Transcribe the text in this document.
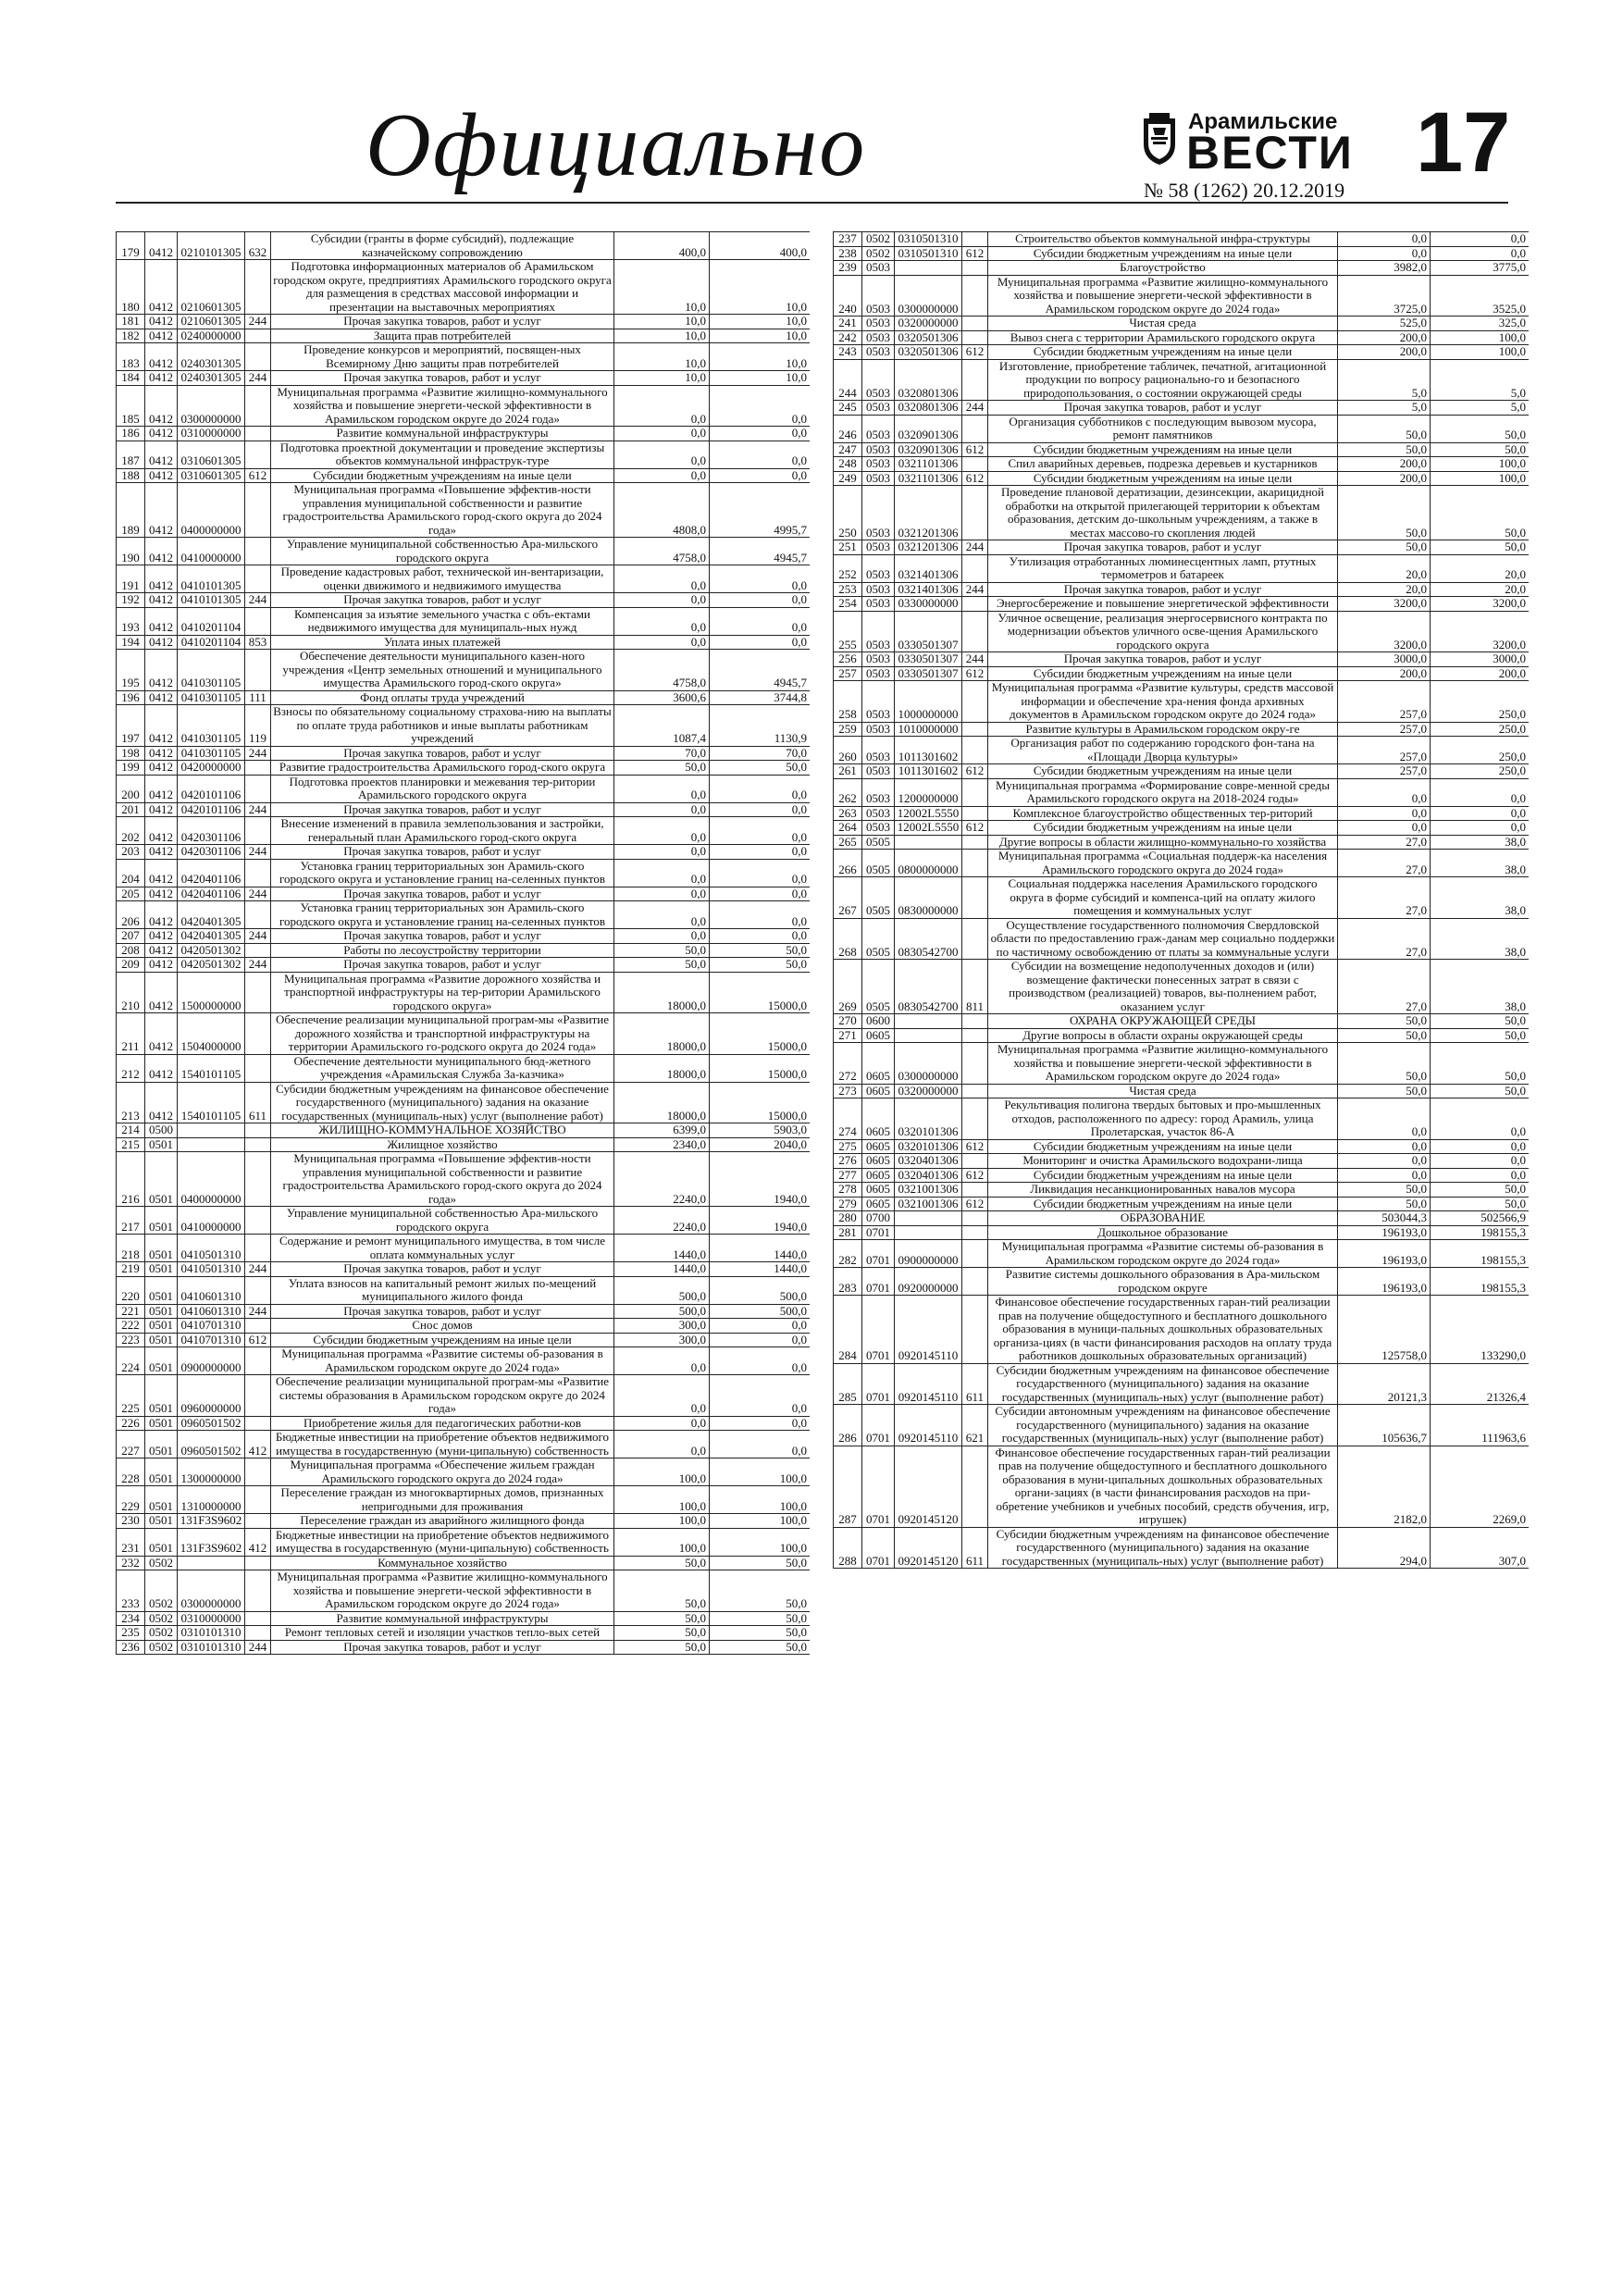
Официально	Арамильские
ВЕСТИ
№ 58 (1262) 20.12.2019
17
179	0412	0210101305	632	Субсидии (гранты в форме субсидий), подлежащие казначейскому сопровождению	400,0	400,0
180	0412	0210601305		Подготовка информационных материалов об Арамильском городском округе, предприятиях Арамильского городского округа для размещения в средствах массовой информации и презентации на выставочных мероприятиях	10,0	10,0
181	0412	0210601305	244	Прочая закупка товаров, работ и услуг	10,0	10,0
182	0412	0240000000		Защита прав потребителей	10,0	10,0
183	0412	0240301305		Проведение конкурсов и мероприятий, посвящен-ных Всемирному Дню защиты прав потребителей	10,0	10,0
184	0412	0240301305	244	Прочая закупка товаров, работ и услуг	10,0	10,0
185	0412	0300000000		Муниципальная программа «Развитие жилищно-коммунального хозяйства и повышение энергети-ческой эффективности в Арамильском городском округе до 2024 года»	0,0	0,0
186	0412	0310000000		Развитие коммунальной инфраструктуры	0,0	0,0
187	0412	0310601305		Подготовка проектной документации и проведение экспертизы объектов коммунальной инфраструк-туре	0,0	0,0
188	0412	0310601305	612	Субсидии бюджетным учреждениям на иные цели	0,0	0,0
189	0412	0400000000		Муниципальная программа «Повышение эффектив-ности управления муниципальной собственности и развитие градостроительства Арамильского город-ского округа до 2024 года»	4808,0	4995,7
190	0412	0410000000		Управление муниципальной собственностью Ара-мильского городского округа	4758,0	4945,7
191	0412	0410101305		Проведение кадастровых работ, технической ин-вентаризации, оценки движимого и недвижимого имущества	0,0	0,0
192	0412	0410101305	244	Прочая закупка товаров, работ и услуг	0,0	0,0
193	0412	0410201104		Компенсация за изъятие земельного участка с объ-ектами недвижимого имущества для муниципаль-ных нужд	0,0	0,0
194	0412	0410201104	853	Уплата иных платежей	0,0	0,0
195	0412	0410301105		Обеспечение деятельности муниципального казен-ного учреждения «Центр земельных отношений и муниципального имущества Арамильского город-ского округа»	4758,0	4945,7
196	0412	0410301105	111	Фонд оплаты труда учреждений	3600,6	3744,8
197	0412	0410301105	119	Взносы по обязательному социальному страхова-нию на выплаты по оплате труда работников и иные выплаты работникам учреждений	1087,4	1130,9
198	0412	0410301105	244	Прочая закупка товаров, работ и услуг	70,0	70,0
199	0412	0420000000		Развитие градостроительства Арамильского город-ского округа	50,0	50,0
200	0412	0420101106		Подготовка проектов планировки и межевания тер-ритории Арамильского городского округа	0,0	0,0
201	0412	0420101106	244	Прочая закупка товаров, работ и услуг	0,0	0,0
202	0412	0420301106		Внесение изменений в правила землепользования и застройки, генеральный план Арамильского город-ского округа	0,0	0,0
203	0412	0420301106	244	Прочая закупка товаров, работ и услуг	0,0	0,0
204	0412	0420401106		Установка границ территориальных зон Арамиль-ского городского округа и установление границ на-селенных пунктов	0,0	0,0
205	0412	0420401106	244	Прочая закупка товаров, работ и услуг	0,0	0,0
206	0412	0420401305		Установка границ территориальных зон Арамиль-ского городского округа и установление границ на-селенных пунктов	0,0	0,0
207	0412	0420401305	244	Прочая закупка товаров, работ и услуг	0,0	0,0
208	0412	0420501302		Работы по лесоустройству территории	50,0	50,0
209	0412	0420501302	244	Прочая закупка товаров, работ и услуг	50,0	50,0
210	0412	1500000000		Муниципальная программа «Развитие дорожного хозяйства и транспортной инфраструктуры на тер-ритории Арамильского городского округа»	18000,0	15000,0
211	0412	1504000000		Обеспечение реализации муниципальной програм-мы «Развитие дорожного хозяйства и транспортной инфраструктуры на территории Арамильского го-родского округа до 2024 года»	18000,0	15000,0
212	0412	1540101105		Обеспечение деятельности муниципального бюд-жетного учреждения «Арамильская Служба За-казчика»	18000,0	15000,0
213	0412	1540101105	611	Субсидии бюджетным учреждениям на финансовое обеспечение государственного (муниципального) задания на оказание государственных (муниципаль-ных) услуг (выполнение работ)	18000,0	15000,0
214	0500			ЖИЛИЩНО-КОММУНАЛЬНОЕ ХОЗЯЙСТВО	6399,0	5903,0
215	0501			Жилищное хозяйство	2340,0	2040,0
216	0501	0400000000		Муниципальная программа «Повышение эффектив-ности управления муниципальной собственности и развитие градостроительства Арамильского город-ского округа до 2024 года»	2240,0	1940,0
217	0501	0410000000		Управление муниципальной собственностью Ара-мильского городского округа	2240,0	1940,0
218	0501	0410501310		Содержание и ремонт муниципального имущества, в том числе оплата коммунальных услуг	1440,0	1440,0
219	0501	0410501310	244	Прочая закупка товаров, работ и услуг	1440,0	1440,0
220	0501	0410601310		Уплата взносов на капитальный ремонт жилых по-мещений муниципального жилого фонда	500,0	500,0
221	0501	0410601310	244	Прочая закупка товаров, работ и услуг	500,0	500,0
222	0501	0410701310		Снос домов	300,0	0,0
223	0501	0410701310	612	Субсидии бюджетным учреждениям на иные цели	300,0	0,0
224	0501	0900000000		Муниципальная программа «Развитие системы об-разования в Арамильском городском округе до 2024 года»	0,0	0,0
225	0501	0960000000		Обеспечение реализации муниципальной програм-мы «Развитие системы образования в Арамильском городском округе до 2024 года»	0,0	0,0
226	0501	0960501502		Приобретение жилья для педагогических работни-ков	0,0	0,0
227	0501	0960501502	412	Бюджетные инвестиции на приобретение объектов недвижимого имущества в государственную (муни-ципальную) собственность	0,0	0,0
228	0501	1300000000		Муниципальная программа «Обеспечение жильем граждан Арамильского городского округа до 2024 года»	100,0	100,0
229	0501	1310000000		Переселение граждан из многоквартирных домов, признанных непригодными для проживания	100,0	100,0
230	0501	131F3S9602		Переселение граждан из аварийного жилищного фонда	100,0	100,0
231	0501	131F3S9602	412	Бюджетные инвестиции на приобретение объектов недвижимого имущества в государственную (муни-ципальную) собственность	100,0	100,0
232	0502			Коммунальное хозяйство	50,0	50,0
233	0502	0300000000		Муниципальная программа «Развитие жилищно-коммунального хозяйства и повышение энергети-ческой эффективности в Арамильском городском округе до 2024 года»	50,0	50,0
234	0502	0310000000		Развитие коммунальной инфраструктуры	50,0	50,0
235	0502	0310101310		Ремонт тепловых сетей и изоляции участков тепло-вых сетей	50,0	50,0
236	0502	0310101310	244	Прочая закупка товаров, работ и услуг	50,0	50,0
237	0502	0310501310		Строительство объектов коммунальной инфра-структуры	0,0	0,0
238	0502	0310501310	612	Субсидии бюджетным учреждениям на иные цели	0,0	0,0
239	0503			Благоустройство	3982,0	3775,0
240	0503	0300000000		Муниципальная программа «Развитие жилищно-коммунального хозяйства и повышение энергети-ческой эффективности в Арамильском городском округе до 2024 года»	3725,0	3525,0
241	0503	0320000000		Чистая среда	525,0	325,0
242	0503	0320501306		Вывоз снега с территории Арамильского городского округа	200,0	100,0
243	0503	0320501306	612	Субсидии бюджетным учреждениям на иные цели	200,0	100,0
244	0503	0320801306		Изготовление, приобретение табличек, печатной, агитационной продукции по вопросу рационально-го и безопасного природопользования, о состоянии окружающей среды	5,0	5,0
245	0503	0320801306	244	Прочая закупка товаров, работ и услуг	5,0	5,0
246	0503	0320901306		Организация субботников с последующим вывозом мусора, ремонт памятников	50,0	50,0
247	0503	0320901306	612	Субсидии бюджетным учреждениям на иные цели	50,0	50,0
248	0503	0321101306		Спил аварийных деревьев, подрезка деревьев и кустарников	200,0	100,0
249	0503	0321101306	612	Субсидии бюджетным учреждениям на иные цели	200,0	100,0
250	0503	0321201306		Проведение плановой дератизации, дезинсекции, акарицидной обработки на открытой прилегающей территории к объектам образования, детским до-школьным учреждениям, а также в местах массово-го скопления людей	50,0	50,0
251	0503	0321201306	244	Прочая закупка товаров, работ и услуг	50,0	50,0
252	0503	0321401306		Утилизация отработанных люминесцентных ламп, ртутных термометров и батареек	20,0	20,0
253	0503	0321401306	244	Прочая закупка товаров, работ и услуг	20,0	20,0
254	0503	0330000000		Энергосбережение и повышение энергетической эффективности	3200,0	3200,0
255	0503	0330501307		Уличное освещение, реализация энергосервисного контракта по модернизации объектов уличного осве-щения Арамильского городского округа	3200,0	3200,0
256	0503	0330501307	244	Прочая закупка товаров, работ и услуг	3000,0	3000,0
257	0503	0330501307	612	Субсидии бюджетным учреждениям на иные цели	200,0	200,0
258	0503	1000000000		Муниципальная программа «Развитие культуры, средств массовой информации и обеспечение хра-нения фонда архивных документов в Арамильском городском округе до 2024 года»	257,0	250,0
259	0503	1010000000		Развитие культуры в Арамильском городском окру-ге	257,0	250,0
260	0503	1011301602		Организация работ по содержанию городского фон-тана на «Площади Дворца культуры»	257,0	250,0
261	0503	1011301602	612	Субсидии бюджетным учреждениям на иные цели	257,0	250,0
262	0503	1200000000		Муниципальная программа «Формирование совре-менной среды Арамильского городского округа на 2018-2024 годы»	0,0	0,0
263	0503	12002L5550		Комплексное благоустройство общественных тер-риторий	0,0	0,0
264	0503	12002L5550	612	Субсидии бюджетным учреждениям на иные цели	0,0	0,0
265	0505			Другие вопросы в области жилищно-коммунально-го хозяйства	27,0	38,0
266	0505	0800000000		Муниципальная программа «Социальная поддерж-ка населения Арамильского городского округа до 2024 года»	27,0	38,0
267	0505	0830000000		Социальная поддержка населения Арамильского городского округа в форме субсидий и компенса-ций на оплату жилого помещения и коммунальных услуг	27,0	38,0
268	0505	0830542700		Осуществление государственного полномочия Свердловской области по предоставлению граж-данам мер социально поддержки по частичному освобождению от платы за коммунальные услуги	27,0	38,0
269	0505	0830542700	811	Субсидии на возмещение недополученных доходов и (или) возмещение фактически понесенных затрат в связи с производством (реализацией) товаров, вы-полнением работ, оказанием услуг	27,0	38,0
270	0600			ОХРАНА ОКРУЖАЮЩЕЙ СРЕДЫ	50,0	50,0
271	0605			Другие вопросы в области охраны окружающей среды	50,0	50,0
272	0605	0300000000		Муниципальная программа «Развитие жилищно-коммунального хозяйства и повышение энергети-ческой эффективности в Арамильском городском округе до 2024 года»	50,0	50,0
273	0605	0320000000		Чистая среда	50,0	50,0
274	0605	0320101306		Рекультивация полигона твердых бытовых и про-мышленных отходов, расположенного по адресу: город Арамиль, улица Пролетарская, участок 86-А	0,0	0,0
275	0605	0320101306	612	Субсидии бюджетным учреждениям на иные цели	0,0	0,0
276	0605	0320401306		Мониторинг и очистка Арамильского водохрани-лища	0,0	0,0
277	0605	0320401306	612	Субсидии бюджетным учреждениям на иные цели	0,0	0,0
278	0605	0321001306		Ликвидация несанкционированных навалов мусора	50,0	50,0
279	0605	0321001306	612	Субсидии бюджетным учреждениям на иные цели	50,0	50,0
280	0700			ОБРАЗОВАНИЕ	503044,3	502566,9
281	0701			Дошкольное образование	196193,0	198155,3
282	0701	0900000000		Муниципальная программа «Развитие системы об-разования в Арамильском городском округе до 2024 года»	196193,0	198155,3
283	0701	0920000000		Развитие системы дошкольного образования в Ара-мильском городском округе	196193,0	198155,3
284	0701	0920145110		Финансовое обеспечение государственных гаран-тий реализации прав на получение общедоступного и бесплатного дошкольного образования в муници-пальных дошкольных образовательных организа-циях (в части финансирования расходов на оплату труда работников дошкольных образовательных организаций)	125758,0	133290,0
285	0701	0920145110	611	Субсидии бюджетным учреждениям на финансовое обеспечение государственного (муниципального) задания на оказание государственных (муниципаль-ных) услуг (выполнение работ)	20121,3	21326,4
286	0701	0920145110	621	Субсидии автономным учреждениям на финансовое обеспечение государственного (муниципального) задания на оказание государственных (муниципаль-ных) услуг (выполнение работ)	105636,7	111963,6
287	0701	0920145120		Финансовое обеспечение государственных гаран-тий реализации прав на получение общедоступного и бесплатного дошкольного образования в муни-ципальных дошкольных образовательных органи-зациях (в части финансирования расходов на при-обретение учебников и учебных пособий, средств обучения, игр, игрушек)	2182,0	2269,0
288	0701	0920145120	611	Субсидии бюджетным учреждениям на финансовое обеспечение государственного (муниципального) задания на оказание государственных (муниципаль-ных) услуг (выполнение работ)	294,0	307,0
